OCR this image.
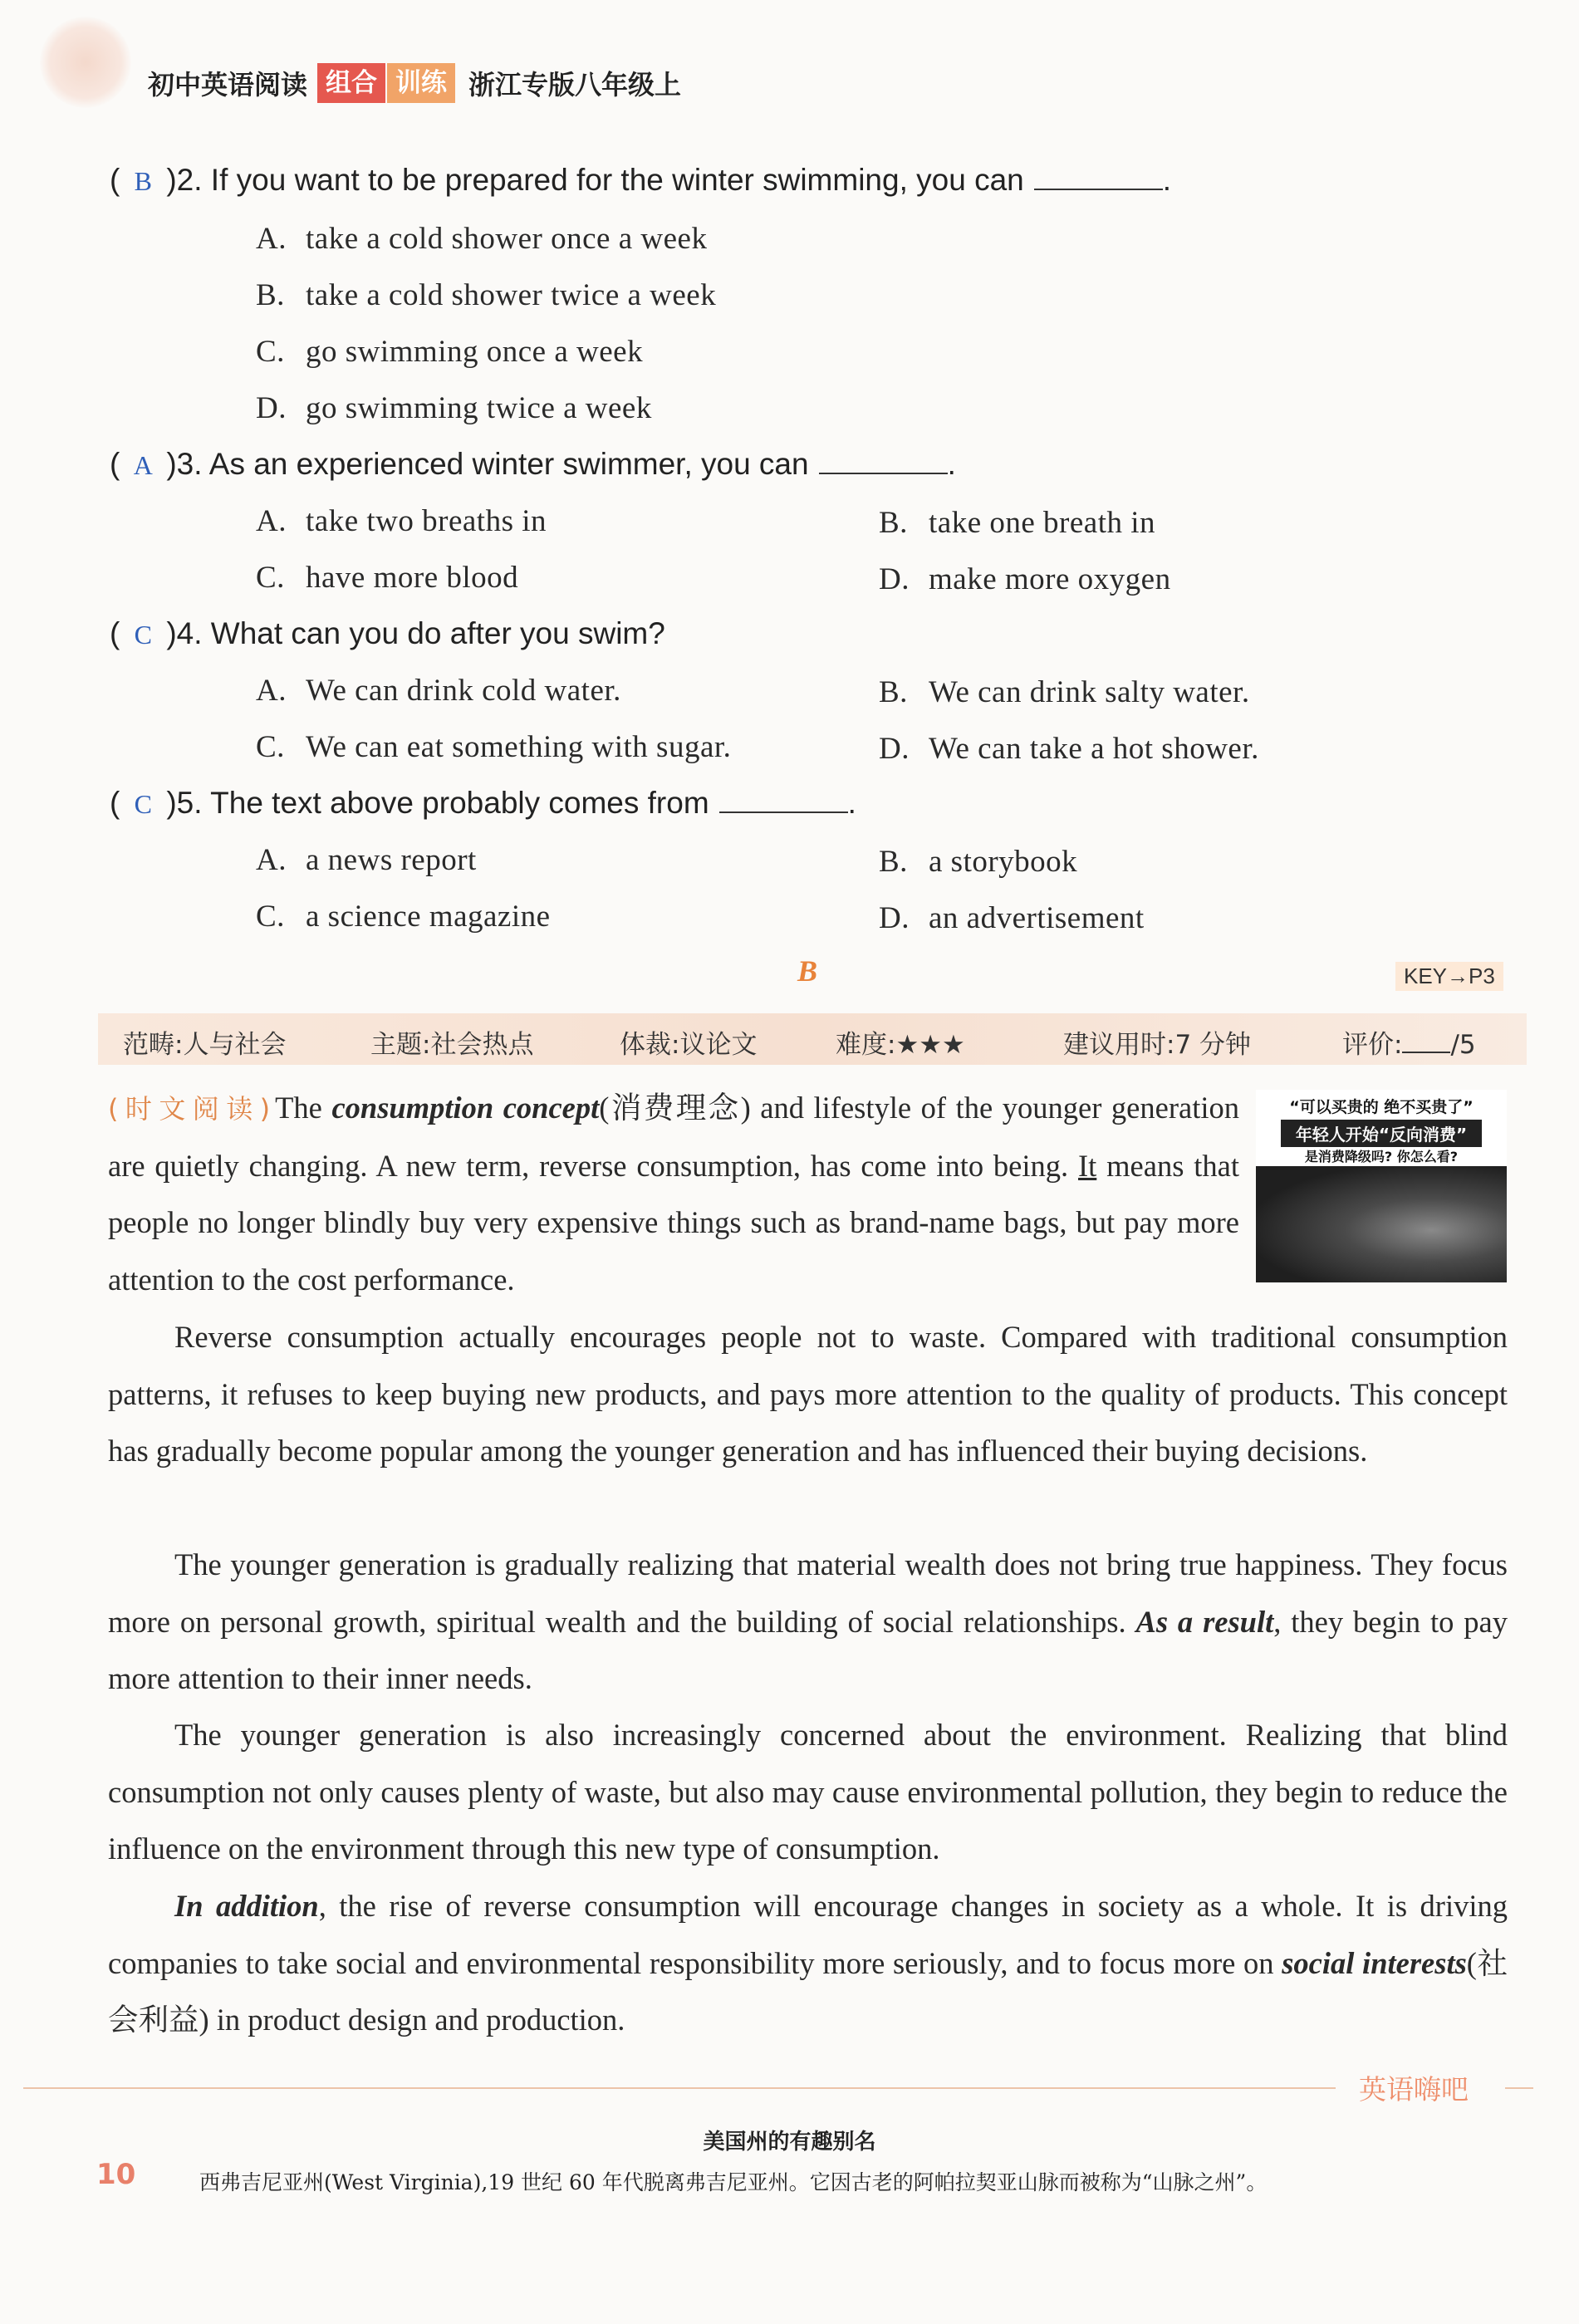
初中英语阅读 组合 训练 浙江专版八年级上
( B )2. If you want to be prepared for the winter swimming, you can	.
A. take a cold shower once a week
B. take a cold shower twice a week
C. go swimming once a week
D. go swimming twice a week
( A )3. As an experienced winter swimmer, you can	.
A. take two breaths in	B. take one breath in
C. have more blood	D. make more oxygen
( C )4. What can you do after you swim?
A. We can drink cold water.	B. We can drink salty water.
C. We can eat something with sugar.	D. We can take a hot shower.
( C )5. The text above probably comes from	.
A. a news report	B. a storybook
C. a science magazine	D. an advertisement
B	KEY→P3
范畴:人与社会	主题:社会热点	体裁:议论文	难度:★★★	建议用时:7 分钟	评价: /5
“可以买贵的 绝不买贵了”
年轻人开始“反向消费”
是消费降级吗? 你怎么看?

(时文阅读)The consumption concept(消费理念) and lifestyle of the younger generation are quietly changing. A new term, reverse consumption, has come into being. It means that people no longer blindly buy very expensive things such as brand-name bags, but pay more attention to the cost performance.

Reverse consumption actually encourages people not to waste. Compared with traditional consumption patterns, it refuses to keep buying new products, and pays more attention to the quality of products. This concept has gradually become popular among the younger generation and has influenced their buying decisions.

The younger generation is gradually realizing that material wealth does not bring true happiness. They focus more on personal growth, spiritual wealth and the building of social relationships. As a result, they begin to pay more attention to their inner needs.

The younger generation is also increasingly concerned about the environment. Realizing that blind consumption not only causes plenty of waste, but also may cause environmental pollution, they begin to reduce the influence on the environment through this new type of consumption.

In addition, the rise of reverse consumption will encourage changes in society as a whole. It is driving companies to take social and environmental responsibility more seriously, and to focus more on social interests(社会利益) in product design and production.

英语嗨吧
美国州的有趣别名
10	西弗吉尼亚州(West Virginia),19 世纪 60 年代脱离弗吉尼亚州。它因古老的阿帕拉契亚山脉而被称为“山脉之州”。
